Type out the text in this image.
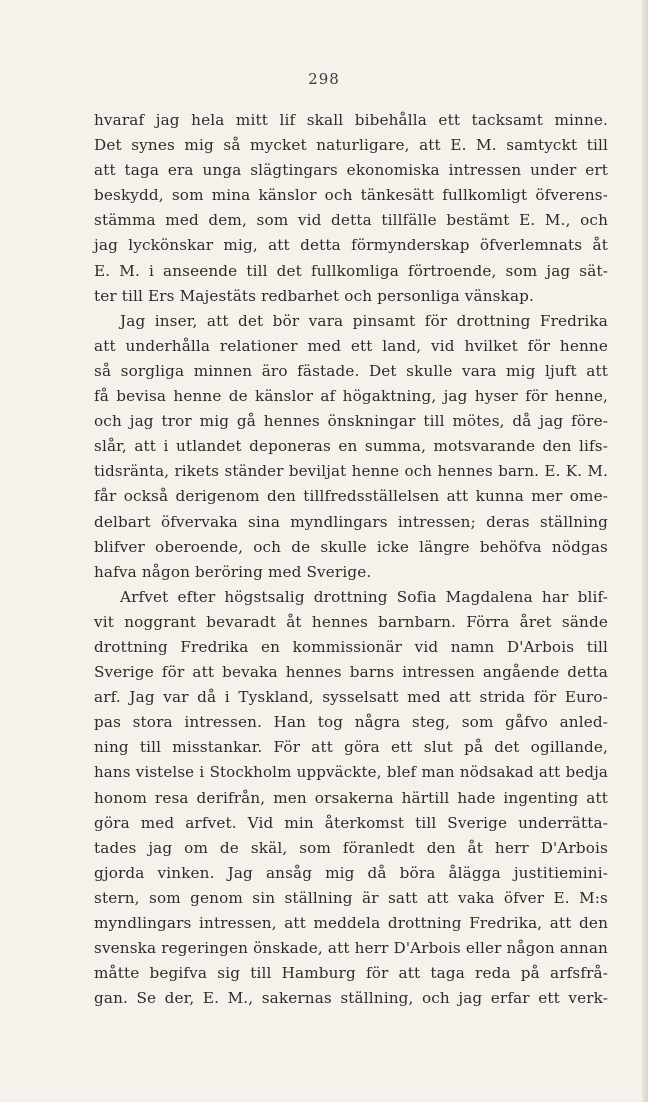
298
hvaraf jag hela mitt lif skall bibehålla ett tacksamt minne.
Det synes mig så mycket naturligare, att E. M. samtyckt till
att taga era unga slägtingars ekonomiska intressen under ert
beskydd, som mina känslor och tänkesätt fullkomligt öfverens-
stämma med dem, som vid detta tillfälle bestämt E. M., och
jag lyckönskar mig, att detta förmynderskap öfverlemnats åt
E. M. i anseende till det fullkomliga förtroende, som jag sät-
ter till Ers Majestäts redbarhet och personliga vänskap.
Jag inser, att det bör vara pinsamt för drottning Fredrika
att underhålla relationer med ett land, vid hvilket för henne
så sorgliga minnen äro fästade. Det skulle vara mig ljuft att
få bevisa henne de känslor af högaktning, jag hyser för henne,
och jag tror mig gå hennes önskningar till mötes, då jag före-
slår, att i utlandet deponeras en summa, motsvarande den lifs-
tidsränta, rikets ständer beviljat henne och hennes barn. E. K. M.
får också derigenom den tillfredsställelsen att kunna mer ome-
delbart öfvervaka sina myndlingars intressen; deras ställning
blifver oberoende, och de skulle icke längre behöfva nödgas
hafva någon beröring med Sverige.
Arfvet efter högstsalig drottning Sofia Magdalena har blif-
vit noggrant bevaradt åt hennes barnbarn. Förra året sände
drottning Fredrika en kommissionär vid namn D'Arbois till
Sverige för att bevaka hennes barns intressen angående detta
arf. Jag var då i Tyskland, sysselsatt med att strida för Euro-
pas stora intressen. Han tog några steg, som gåfvo anled-
ning till misstankar. För att göra ett slut på det ogillande,
hans vistelse i Stockholm uppväckte, blef man nödsakad att bedja
honom resa derifrån, men orsakerna härtill hade ingenting att
göra med arfvet. Vid min återkomst till Sverige underrätta-
tades jag om de skäl, som föranledt den åt herr D'Arbois
gjorda vinken. Jag ansåg mig då böra ålägga justitiemini-
stern, som genom sin ställning är satt att vaka öfver E. M:s
myndlingars intressen, att meddela drottning Fredrika, att den
svenska regeringen önskade, att herr D'Arbois eller någon annan
måtte begifva sig till Hamburg för att taga reda på arfsfrå-
gan. Se der, E. M., sakernas ställning, och jag erfar ett verk-
